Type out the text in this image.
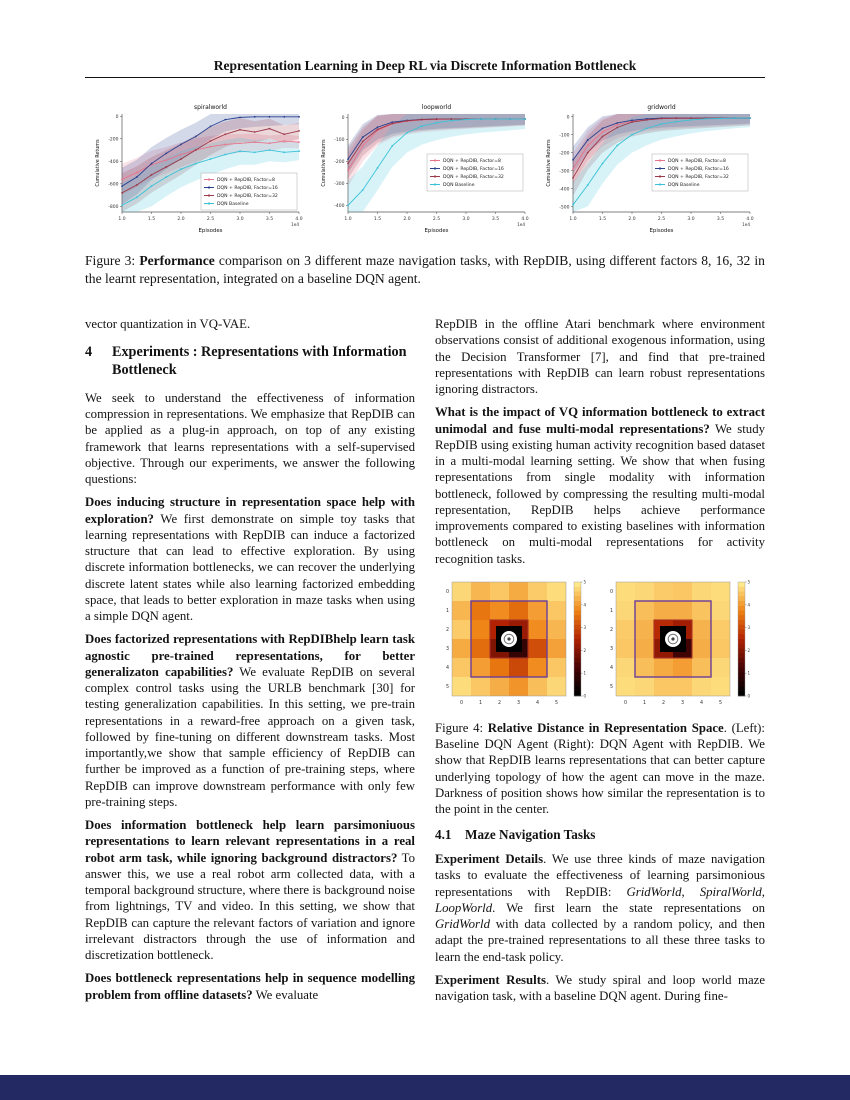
Representation Learning in Deep RL via Discrete Information Bottleneck
spiralworld
0
-200
-400
-600
-800
1.0	1.5	2.0	2.5	3.0	3.5	4.0
1e4
Episodes
Cumulative Returns	DQN + RepDIB, Factor=8
DQN + RepDIB, Factor=16
DQN + RepDIB, Factor=32
DQN Baseline
loopworld
0
-100
-200
-300
-400
1.0	1.5	2.0	2.5	3.0	3.5	4.0
1e4
Episodes
Cumulative Returns	DQN + RepDIB, Factor=8
DQN + RepDIB, Factor=16
DQN + RepDIB, Factor=32
DQN Baseline
gridworld
0
-100
-200
-300
-400
-500
1.0	1.5	2.0	2.5	3.0	3.5	4.0
1e4
Episodes
Cumulative Returns	DQN + RepDIB, Factor=8
DQN + RepDIB, Factor=16
DQN + RepDIB, Factor=32
DQN Baseline
Figure 3: Performance comparison on 3 different maze navigation tasks, with RepDIB, using different factors 8, 16, 32 in the learnt representation, integrated on a baseline DQN agent.

vector quantization in VQ-VAE.

4 Experiments : Representations with Information Bottleneck

We seek to understand the effectiveness of information compression in representations. We emphasize that RepDIB can be applied as a plug-in approach, on top of any existing framework that learns representations with a self-supervised objective. Through our experiments, we answer the following questions:

Does inducing structure in representation space help with exploration? We first demonstrate on simple toy tasks that learning representations with RepDIB can induce a factorized structure that can lead to effective exploration. By using discrete information bottlenecks, we can recover the underlying discrete latent states while also learning factorized embedding space, that leads to better exploration in maze tasks when using a simple DQN agent.

Does factorized representations with RepDIBhelp learn task agnostic pre-trained representations, for better generalizaton capabilities? We evaluate RepDIB on several complex control tasks using the URLB benchmark [30] for testing generalization capabilities. In this setting, we pre-train representations in a reward-free approach on a given task, followed by fine-tuning on different downstream tasks. Most importantly,we show that sample efficiency of RepDIB can further be improved as a function of pre-training steps, where RepDIB can improve downstream performance with only few pre-training steps.

Does information bottleneck help learn parsimoniuous representations to learn relevant representations in a real robot arm task, while ignoring background distractors? To answer this, we use a real robot arm collected data, with a temporal background structure, where there is background noise from lightnings, TV and video. In this setting, we show that RepDIB can capture the relevant factors of variation and ignore irrelevant distractors through the use of information and discretization bottleneck.

Does bottleneck representations help in sequence modelling problem from offline datasets? We evaluate

RepDIB in the offline Atari benchmark where environment observations consist of additional exogenous information, using the Decision Transformer [7], and find that pre-trained representations with RepDIB can learn robust representations ignoring distractors.

What is the impact of VQ information bottleneck to extract unimodal and fuse multi-modal representations? We study RepDIB using existing human activity recognition based dataset in a multi-modal learning setting. We show that when fusing representations from single modality with information bottleneck, followed by compressing the resulting multi-modal representation, RepDIB helps achieve performance improvements compared to existing baselines with information bottleneck on multi-modal representations for activity recognition tasks.

0	1	2	3	4	5
0
1
2
3
4
5
0
1
2
3
4
5
0	1	2	3	4	5
0
1
2
3
4
5
0
1
2
3
4
5

Figure 4: Relative Distance in Representation Space. (Left): Baseline DQN Agent (Right): DQN Agent with RepDIB. We show that RepDIB learns representations that can better capture underlying topology of how the agent can move in the maze. Darkness of position shows how similar the representation is to the point in the center.

4.1 Maze Navigation Tasks

Experiment Details. We use three kinds of maze navigation tasks to evaluate the effectiveness of learning parsimonious representations with RepDIB: GridWorld, SpiralWorld, LoopWorld. We first learn the state representations on GridWorld with data collected by a random policy, and then adapt the pre-trained representations to all these three tasks to learn the end-task policy.

Experiment Results. We study spiral and loop world maze navigation task, with a baseline DQN agent. During fine-
